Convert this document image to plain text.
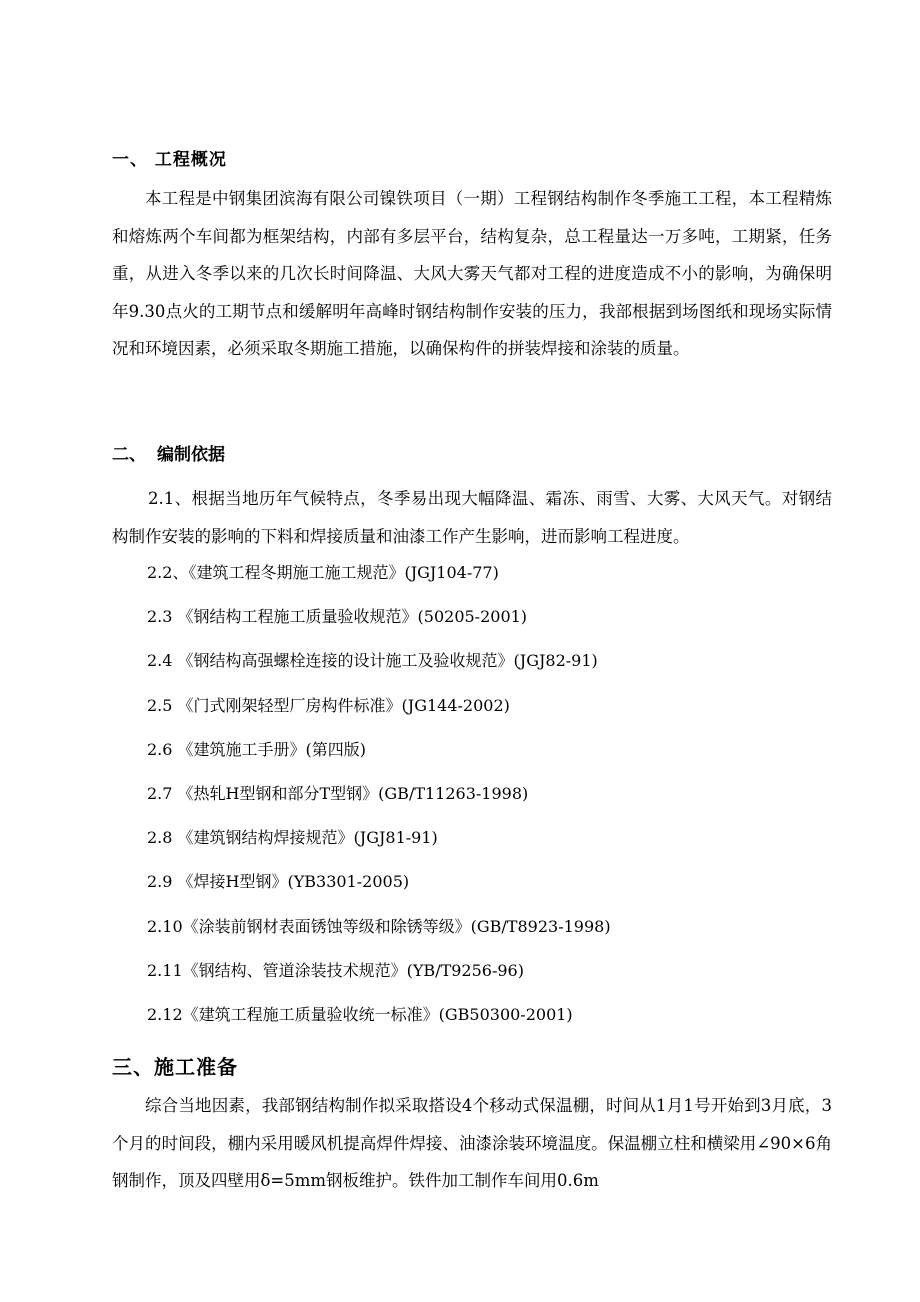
一、 工程概况

本工程是中钢集团滨海有限公司镍铁项目（一期）工程钢结构制作冬季施工工程，本工程精炼和熔炼两个车间都为框架结构，内部有多层平台，结构复杂，总工程量达一万多吨，工期紧，任务重，从进入冬季以来的几次长时间降温、大风大雾天气都对工程的进度造成不小的影响，为确保明年9.30点火的工期节点和缓解明年高峰时钢结构制作安装的压力，我部根据到场图纸和现场实际情况和环境因素，必须采取冬期施工措施，以确保构件的拼装焊接和涂装的质量。

二、 编制依据

2.1、根据当地历年气候特点，冬季易出现大幅降温、霜冻、雨雪、大雾、大风天气。对钢结构制作安装的影响的下料和焊接质量和油漆工作产生影响，进而影响工程进度。

2.2、《建筑工程冬期施工施工规范》(JGJ104-77)
2.3 《钢结构工程施工质量验收规范》(50205-2001)
2.4 《钢结构高强螺栓连接的设计施工及验收规范》(JGJ82-91)
2.5 《门式刚架轻型厂房构件标准》(JG144-2002)
2.6 《建筑施工手册》(第四版)
2.7 《热轧H型钢和部分T型钢》(GB/T11263-1998)
2.8 《建筑钢结构焊接规范》(JGJ81-91)
2.9 《焊接H型钢》(YB3301-2005)
2.10《涂装前钢材表面锈蚀等级和除锈等级》(GB/T8923-1998)
2.11《钢结构、管道涂装技术规范》(YB/T9256-96)
2.12《建筑工程施工质量验收统一标准》(GB50300-2001)
三、施工准备

综合当地因素，我部钢结构制作拟采取搭设4个移动式保温棚，时间从1月1号开始到3月底，3个月的时间段，棚内采用暖风机提高焊件焊接、油漆涂装环境温度。保温棚立柱和横梁用∠90×6角钢制作，顶及四壁用δ=5mm钢板维护。铁件加工制作车间用0.6m
